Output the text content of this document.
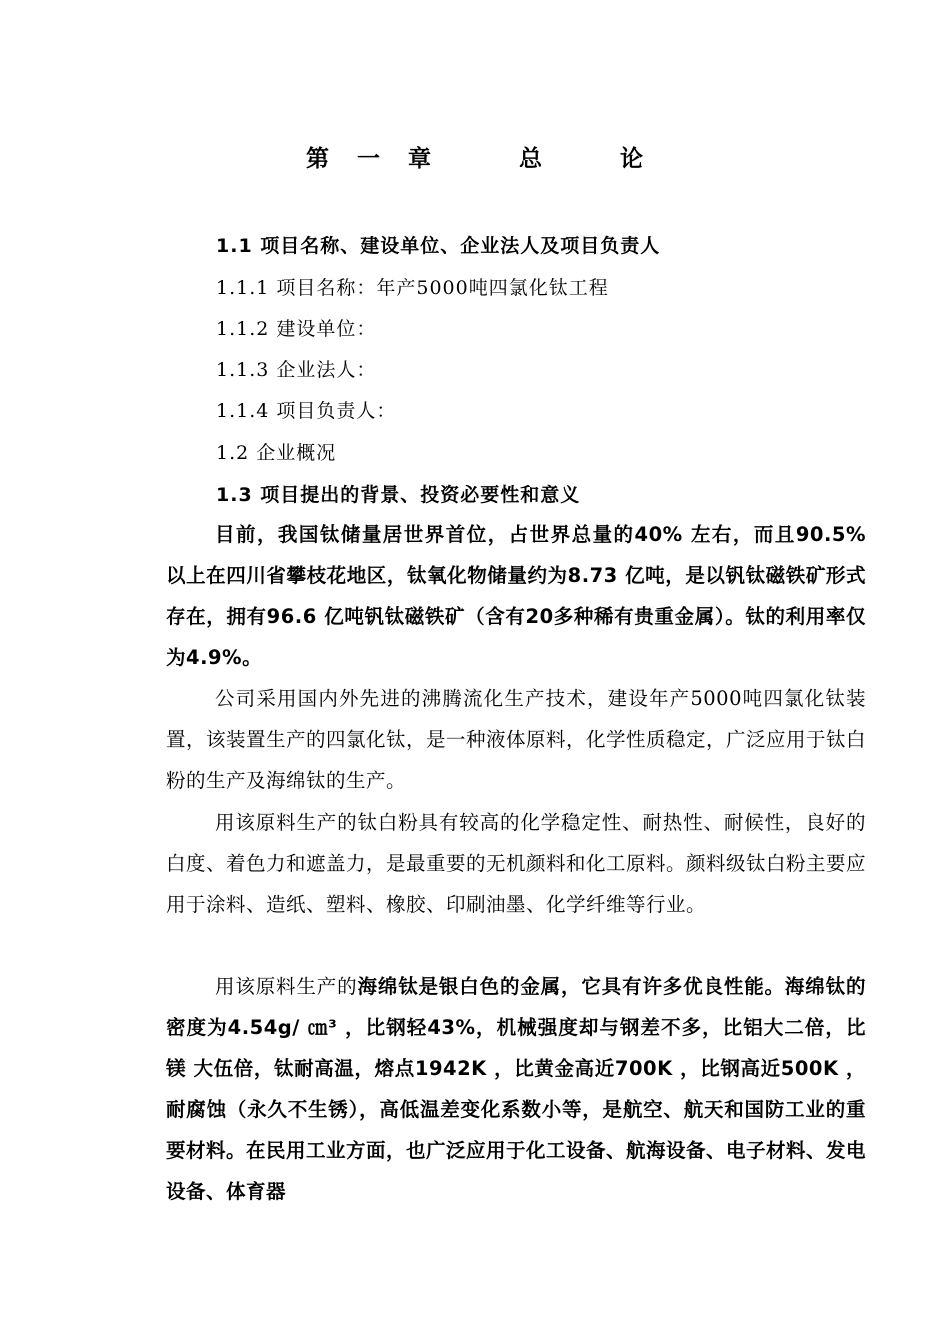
第 一 章	总	论
1.1 项目名称、建设单位、企业法人及项目负责人
1.1.1 项目名称：年产5000吨四氯化钛工程
1.1.2 建设单位：
1.1.3 企业法人：
1.1.4 项目负责人：
1.2 企业概况
1.3 项目提出的背景、投资必要性和意义

目前，我国钛储量居世界首位，占世界总量的40% 左右，而且90.5% 以上在四川省攀枝花地区，钛氧化物储量约为8.73 亿吨，是以钒钛磁铁矿形式存在，拥有96.6 亿吨钒钛磁铁矿（含有20多种稀有贵重金属）。钛的利用率仅为4.9%。

公司采用国内外先进的沸腾流化生产技术，建设年产5000吨四氯化钛装置，该装置生产的四氯化钛，是一种液体原料，化学性质稳定，广泛应用于钛白粉的生产及海绵钛的生产。

用该原料生产的钛白粉具有较高的化学稳定性、耐热性、耐候性，良好的白度、着色力和遮盖力，是最重要的无机颜料和化工原料。颜料级钛白粉主要应用于涂料、造纸、塑料、橡胶、印刷油墨、化学纤维等行业。

用该原料生产的海绵钛是银白色的金属，它具有许多优良性能。海绵钛的密度为4.54g/ ㎝³ ，比钢轻43%，机械强度却与钢差不多，比铝大二倍，比镁 大伍倍，钛耐高温，熔点1942K ，比黄金高近700K ，比钢高近500K ，耐腐蚀（永久不生锈），高低温差变化系数小等，是航空、航天和国防工业的重要材料。在民用工业方面，也广泛应用于化工设备、航海设备、电子材料、发电设备、体育器
